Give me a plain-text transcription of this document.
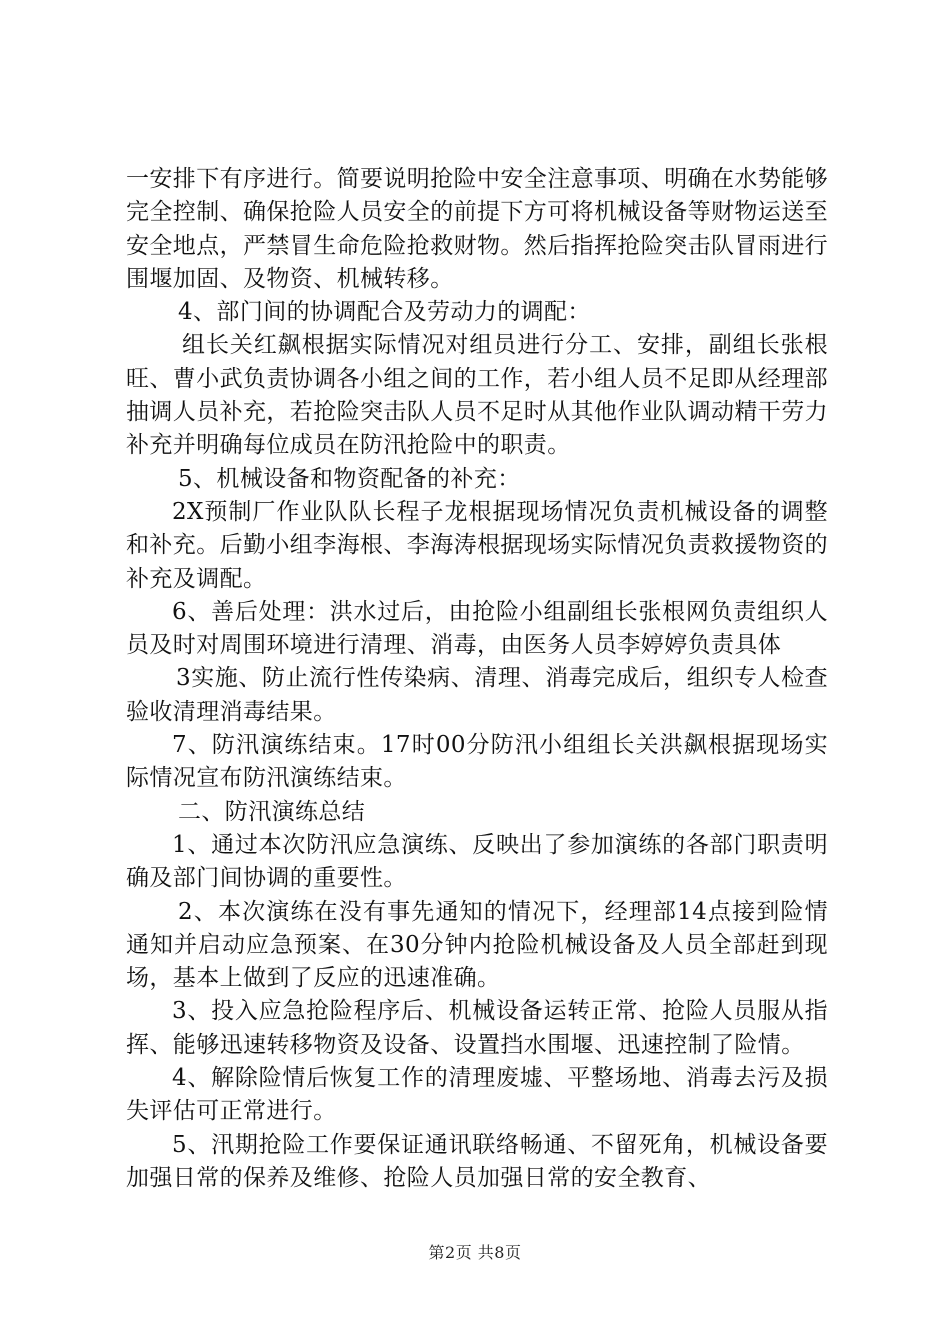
一安排下有序进行。简要说明抢险中安全注意事项、明确在水势能够完全控制、确保抢险人员安全的前提下方可将机械设备等财物运送至安全地点，严禁冒生命危险抢救财物。然后指挥抢险突击队冒雨进行围堰加固、及物资、机械转移。

4、部门间的协调配合及劳动力的调配：

组长关红飙根据实际情况对组员进行分工、安排，副组长张根旺、曹小武负责协调各小组之间的工作，若小组人员不足即从经理部抽调人员补充，若抢险突击队人员不足时从其他作业队调动精干劳力补充并明确每位成员在防汛抢险中的职责。

5、机械设备和物资配备的补充：

2X预制厂作业队队长程子龙根据现场情况负责机械设备的调整和补充。后勤小组李海根、李海涛根据现场实际情况负责救援物资的补充及调配。

6、善后处理：洪水过后，由抢险小组副组长张根网负责组织人员及时对周围环境进行清理、消毒，由医务人员李婷婷负责具体

3实施、防止流行性传染病、清理、消毒完成后，组织专人检查验收清理消毒结果。

7、防汛演练结束。17时00分防汛小组组长关洪飙根据现场实际情况宣布防汛演练结束。

二、防汛演练总结

1、通过本次防汛应急演练、反映出了参加演练的各部门职责明确及部门间协调的重要性。

2、本次演练在没有事先通知的情况下，经理部14点接到险情通知并启动应急预案、在30分钟内抢险机械设备及人员全部赶到现场，基本上做到了反应的迅速准确。

3、投入应急抢险程序后、机械设备运转正常、抢险人员服从指挥、能够迅速转移物资及设备、设置挡水围堰、迅速控制了险情。

4、解除险情后恢复工作的清理废墟、平整场地、消毒去污及损失评估可正常进行。

5、汛期抢险工作要保证通讯联络畅通、不留死角，机械设备要加强日常的保养及维修、抢险人员加强日常的安全教育、

第2页 共8页
